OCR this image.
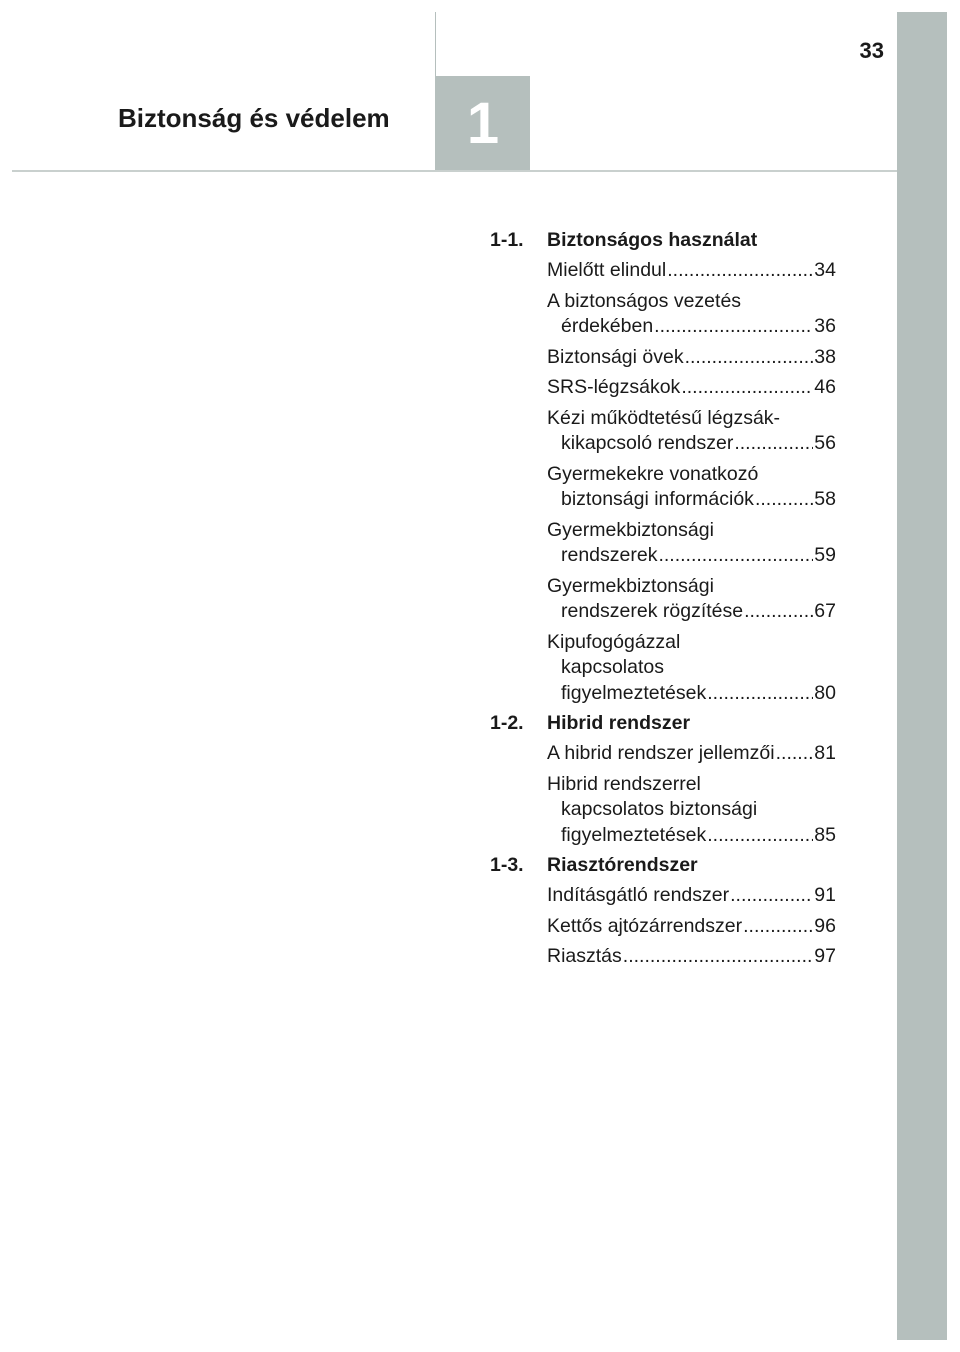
33
1
Biztonság és védelem
1-1.	Biztonságos használat
Mielőtt elindul .....	34
A biztonságos vezetés
érdekében .....	36
Biztonsági övek .....	38
SRS-légzsákok .....	46
Kézi működtetésű légzsák-
kikapcsoló rendszer .....	56
Gyermekekre vonatkozó
biztonsági információk .....	58
Gyermekbiztonsági
rendszerek .....	59
Gyermekbiztonsági
rendszerek rögzítése .....	67
Kipufogógázzal
kapcsolatos
figyelmeztetések .....	80
1-2.	Hibrid rendszer
A hibrid rendszer jellemzői ..... 81
Hibrid rendszerrel
kapcsolatos biztonsági
figyelmeztetések .....	85
1-3.	Riasztórendszer
Indításgátló rendszer .....	91
Kettős ajtózárrendszer .....	96
Riasztás .....	97
